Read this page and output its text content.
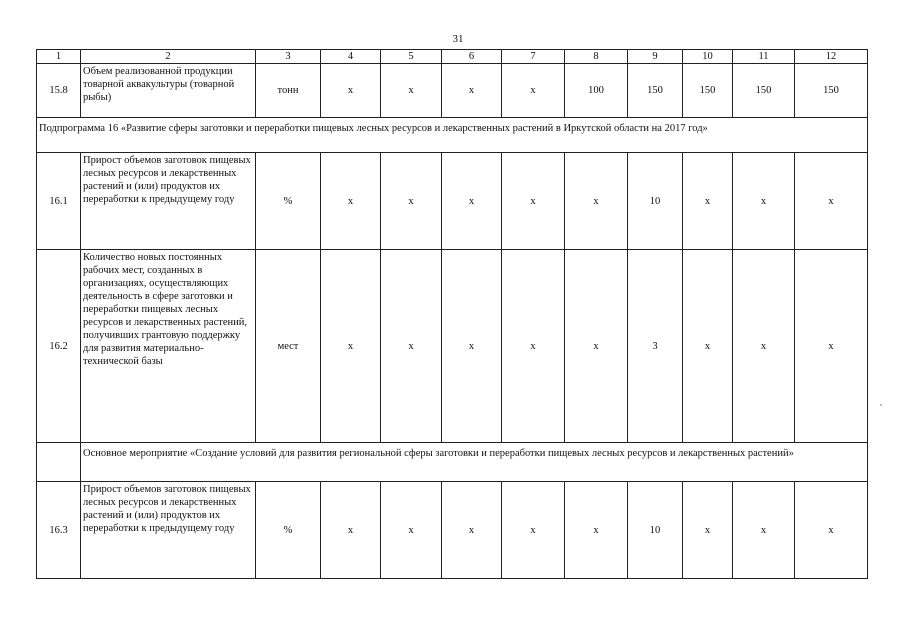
31
1	2	3	4	5	6	7	8	9	10	11	12
15.8	Объем реализованной продукции товарной аквакультуры (товарной рыбы)	тонн	x	x	x	x	100	150	150	150	150
Подпрограмма 16 «Развитие сферы заготовки и переработки пищевых лесных ресурсов и лекарственных растений в Иркутской области на 2017 год»											
16.1	Прирост объемов заготовок пищевых лесных ресурсов и лекарственных растений и (или) продуктов их переработки к предыдущему году	%	x	x	x	x	x	10	x	x	x
16.2	Количество новых постоянных рабочих мест, созданных в организациях, осуществляющих деятельность в сфере заготовки и переработки пищевых лесных ресурсов и лекарственных растений, получивших грантовую поддержку для развития материально-технической базы	мест	x	x	x	x	x	3	x	x	x
	Основное мероприятие «Создание условий для развития региональной сферы заготовки и переработки пищевых лесных ресурсов и лекарственных растений»										
16.3	Прирост объемов заготовок пищевых лесных ресурсов и лекарственных растений и (или) продуктов их переработки к предыдущему году	%	x	x	x	x	x	10	x	x	x
